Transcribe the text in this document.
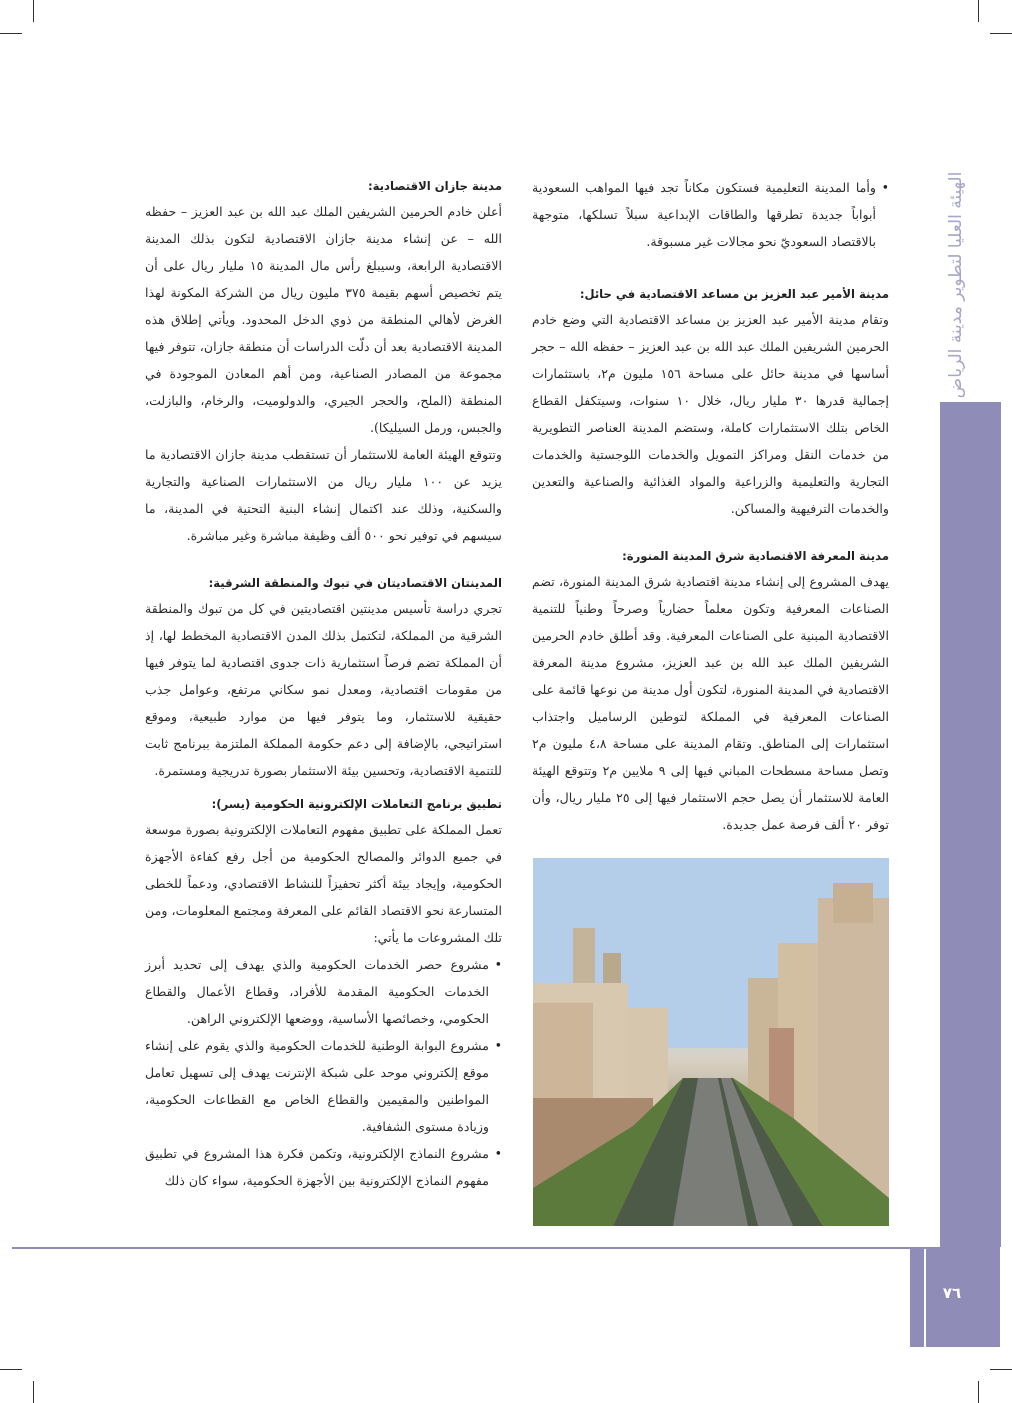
الهيئة العليا لتطوير مدينة الرياض
• وأما المدينة التعليمية فستكون مكاناً تجد فيها المواهب السعودية أبواباً جديدة تطرقها والطاقات الإبداعية سبلاً تسلكها، متوجهة بالاقتصاد السعوديّ نحو مجالات غير مسبوقة.
مدينة الأمير عبد العزيز بن مساعد الاقتصادية في حائل:

وتقام مدينة الأمير عبد العزيز بن مساعد الاقتصادية التي وضع خادم الحرمين الشريفين الملك عبد الله بن عبد العزيز – حفظه الله – حجر أساسها في مدينة حائل على مساحة ١٥٦ مليون م٢، باستثمارات إجمالية قدرها ٣٠ مليار ريال، خلال ١٠ سنوات، وسيتكفل القطاع الخاص بتلك الاستثمارات كاملة، وستضم المدينة العناصر التطويرية من خدمات النقل ومراكز التمويل والخدمات اللوجستية والخدمات التجارية والتعليمية والزراعية والمواد الغذائية والصناعية والتعدين والخدمات الترفيهية والمساكن.

مدينة المعرفة الاقتصادية شرق المدينة المنورة:

يهدف المشروع إلى إنشاء مدينة اقتصادية شرق المدينة المنورة، تضم الصناعات المعرفية وتكون معلماً حضارياً وصرحاً وطنياً للتنمية الاقتصادية المبنية على الصناعات المعرفية. وقد أطلق خادم الحرمين الشريفين الملك عبد الله بن عبد العزيز، مشروع مدينة المعرفة الاقتصادية في المدينة المنورة، لتكون أول مدينة من نوعها قائمة على الصناعات المعرفية في المملكة لتوطين الرساميل واجتذاب استثمارات إلى المناطق. وتقام المدينة على مساحة ٤،٨ مليون م٢ وتصل مساحة مسطحات المباني فيها إلى ٩ ملايين م٢ وتتوقع الهيئة العامة للاستثمار أن يصل حجم الاستثمار فيها إلى ٢٥ مليار ريال، وأن توفر ٢٠ ألف فرصة عمل جديدة.

مدينة جازان الاقتصادية:

أعلن خادم الحرمين الشريفين الملك عبد الله بن عبد العزيز – حفظه الله – عن إنشاء مدينة جازان الاقتصادية لتكون بذلك المدينة الاقتصادية الرابعة، وسيبلغ رأس مال المدينة ١٥ مليار ريال على أن يتم تخصيص أسهم بقيمة ٣٧٥ مليون ريال من الشركة المكونة لهذا الغرض لأهالي المنطقة من ذوي الدخل المحدود. ويأتي إطلاق هذه المدينة الاقتصادية بعد أن دلّت الدراسات أن منطقة جازان، تتوفر فيها مجموعة من المصادر الصناعية، ومن أهم المعادن الموجودة في المنطقة (الملح، والحجر الجيري، والدولوميت، والرخام، والبازلت، والجبس، ورمل السيليكا).

وتتوقع الهيئة العامة للاستثمار أن تستقطب مدينة جازان الاقتصادية ما يزيد عن ١٠٠ مليار ريال من الاستثمارات الصناعية والتجارية والسكنية، وذلك عند اكتمال إنشاء البنية التحتية في المدينة، ما سيسهم في توفير نحو ٥٠٠ ألف وظيفة مباشرة وغير مباشرة.

المدينتان الاقتصاديتان في تبوك والمنطقة الشرقية:

تجري دراسة تأسيس مدينتين اقتصاديتين في كل من تبوك والمنطقة الشرقية من المملكة، لتكتمل بذلك المدن الاقتصادية المخطط لها، إذ أن المملكة تضم فرصاً استثمارية ذات جدوى اقتصادية لما يتوفر فيها من مقومات اقتصادية، ومعدل نمو سكاني مرتفع، وعوامل جذب حقيقية للاستثمار، وما يتوفر فيها من موارد طبيعية، وموقع استراتيجي، بالإضافة إلى دعم حكومة المملكة الملتزمة ببرنامج ثابت للتنمية الاقتصادية، وتحسين بيئة الاستثمار بصورة تدريجية ومستمرة.

تطبيق برنامج التعاملات الإلكترونية الحكومية (يسر):

تعمل المملكة على تطبيق مفهوم التعاملات الإلكترونية بصورة موسعة في جميع الدوائر والمصالح الحكومية من أجل رفع كفاءة الأجهزة الحكومية، وإيجاد بيئة أكثر تحفيزاً للنشاط الاقتصادي، ودعماً للخطى المتسارعة نحو الاقتصاد القائم على المعرفة ومجتمع المعلومات، ومن تلك المشروعات ما يأتي:

• مشروع حصر الخدمات الحكومية والذي يهدف إلى تحديد أبرز الخدمات الحكومية المقدمة للأفراد، وقطاع الأعمال والقطاع الحكومي، وخصائصها الأساسية، ووضعها الإلكتروني الراهن.
• مشروع البوابة الوطنية للخدمات الحكومية والذي يقوم على إنشاء موقع إلكتروني موحد على شبكة الإنترنت يهدف إلى تسهيل تعامل المواطنين والمقيمين والقطاع الخاص مع القطاعات الحكومية، وزيادة مستوى الشفافية.
• مشروع النماذج الإلكترونية، وتكمن فكرة هذا المشروع في تطبيق مفهوم النماذج الإلكترونية بين الأجهزة الحكومية، سواء كان ذلك
٧٦
